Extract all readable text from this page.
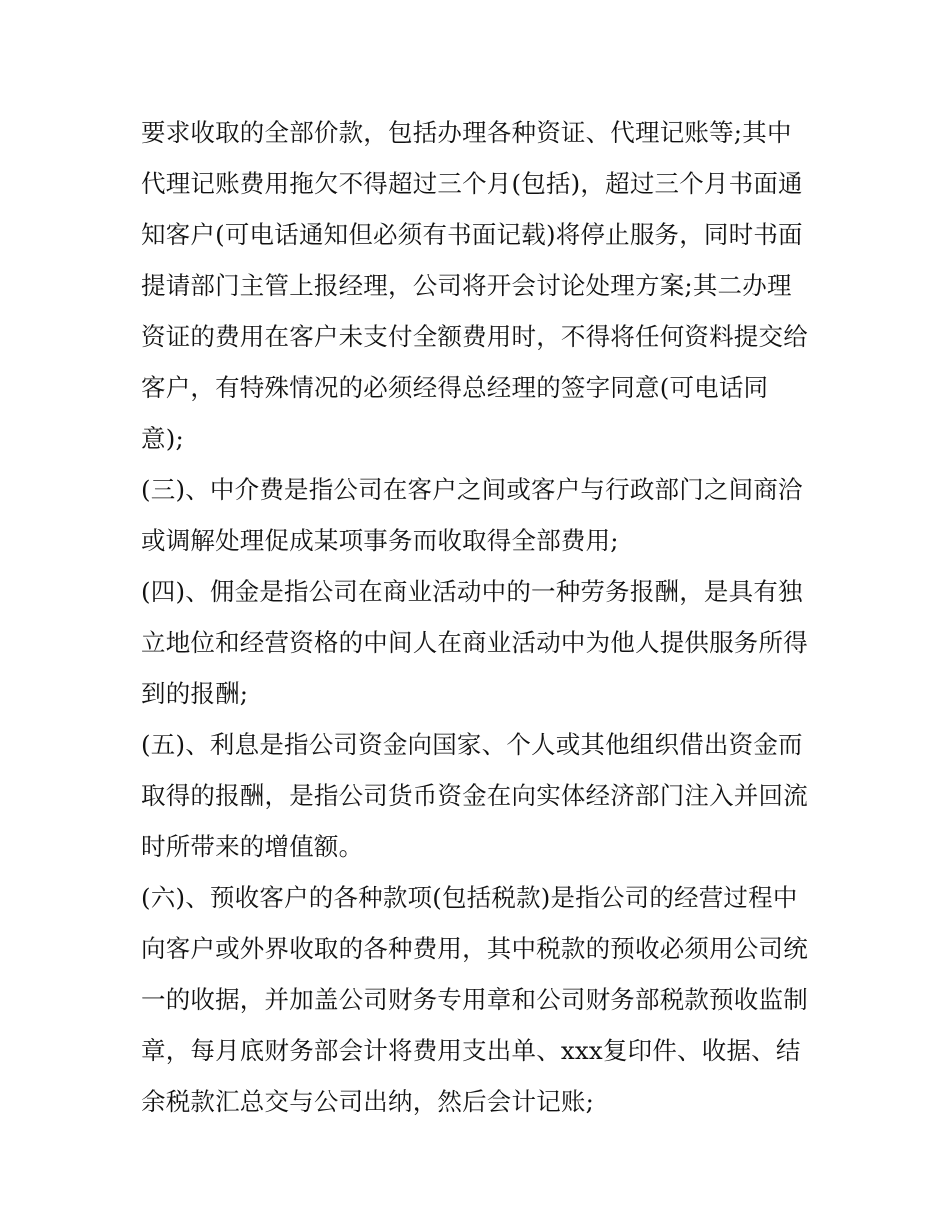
要求收取的全部价款，包括办理各种资证、代理记账等;其中
代理记账费用拖欠不得超过三个月(包括)，超过三个月书面通
知客户(可电话通知但必须有书面记载)将停止服务，同时书面
提请部门主管上报经理，公司将开会讨论处理方案;其二办理
资证的费用在客户未支付全额费用时，不得将任何资料提交给
客户，有特殊情况的必须经得总经理的签字同意(可电话同
意);
(三)、中介费是指公司在客户之间或客户与行政部门之间商洽
或调解处理促成某项事务而收取得全部费用;
(四)、佣金是指公司在商业活动中的一种劳务报酬，是具有独
立地位和经营资格的中间人在商业活动中为他人提供服务所得
到的报酬;
(五)、利息是指公司资金向国家、个人或其他组织借出资金而
取得的报酬，是指公司货币资金在向实体经济部门注入并回流
时所带来的增值额。
(六)、预收客户的各种款项(包括税款)是指公司的经营过程中
向客户或外界收取的各种费用，其中税款的预收必须用公司统
一的收据，并加盖公司财务专用章和公司财务部税款预收监制
章，每月底财务部会计将费用支出单、xxx复印件、收据、结
余税款汇总交与公司出纳，然后会计记账;
